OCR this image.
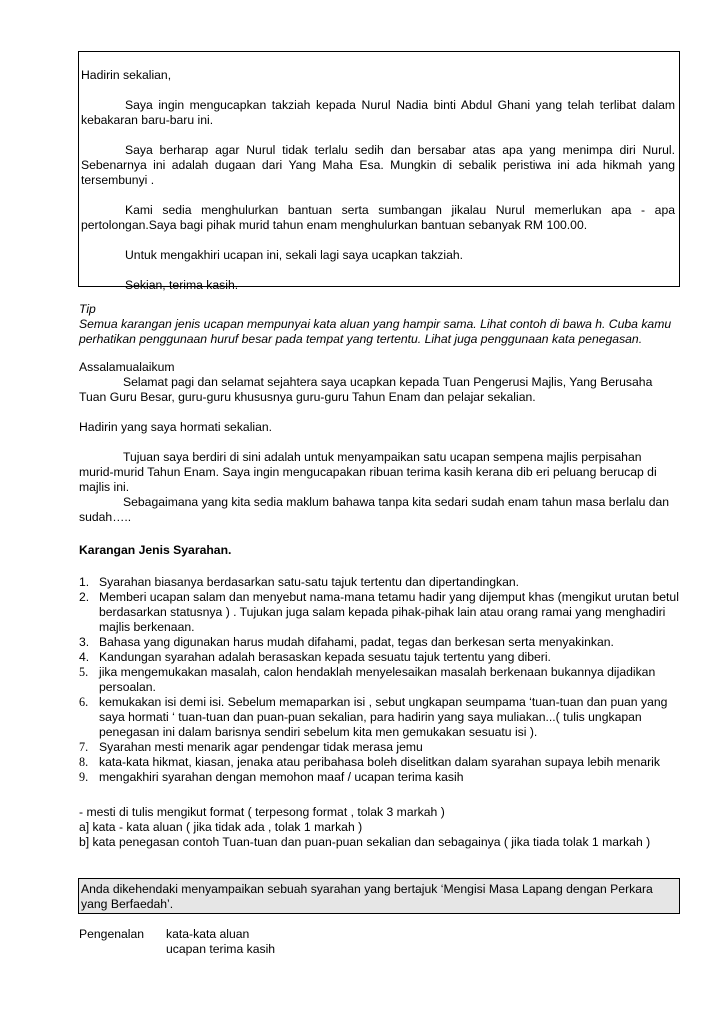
Hadirin sekalian,

Saya ingin mengucapkan takziah kepada Nurul Nadia binti Abdul Ghani yang telah terlibat dalam kebakaran baru-baru ini.

Saya berharap agar Nurul tidak terlalu sedih dan bersabar atas apa yang menimpa diri Nurul. Sebenarnya ini adalah dugaan dari Yang Maha Esa. Mungkin di sebalik peristiwa ini ada hikmah yang tersembunyi .

Kami sedia menghulurkan bantuan serta sumbangan jikalau Nurul memerlukan apa - apa pertolongan.Saya bagi pihak murid tahun enam menghulurkan bantuan sebanyak RM 100.00.

Untuk mengakhiri ucapan ini, sekali lagi saya ucapkan takziah.

Sekian, terima kasih.

Tip

Semua karangan jenis ucapan mempunyai kata aluan yang hampir sama. Lihat contoh di bawa h. Cuba kamu perhatikan penggunaan huruf besar pada tempat yang tertentu. Lihat juga penggunaan kata penegasan.

Assalamualaikum

Selamat pagi dan selamat sejahtera saya ucapkan kepada Tuan Pengerusi Majlis, Yang Berusaha Tuan Guru Besar, guru-guru khususnya guru-guru Tahun Enam dan pelajar sekalian.

Hadirin yang saya hormati sekalian.

Tujuan saya berdiri di sini adalah untuk menyampaikan satu ucapan sempena majlis perpisahan murid-murid Tahun Enam. Saya ingin mengucapakan ribuan terima kasih kerana dib eri peluang berucap di majlis ini.

Sebagaimana yang kita sedia maklum bahawa tanpa kita sedari sudah enam tahun masa berlalu dan sudah…..

Karangan Jenis Syarahan.

1. Syarahan biasanya berdasarkan satu-satu tajuk tertentu dan dipertandingkan.
2. Memberi ucapan salam dan menyebut nama-mana tetamu hadir yang dijemput khas (mengikut urutan betul berdasarkan statusnya ) . Tujukan juga salam kepada pihak-pihak lain atau orang ramai yang menghadiri majlis berkenaan.
3. Bahasa yang digunakan harus mudah difahami, padat, tegas dan berkesan serta menyakinkan.
4. Kandungan syarahan adalah berasaskan kepada sesuatu tajuk tertentu yang diberi.
5. jika mengemukakan masalah, calon hendaklah menyelesaikan masalah berkenaan bukannya dijadikan persoalan.
6. kemukakan isi demi isi. Sebelum memaparkan isi , sebut ungkapan seumpama ‘tuan-tuan dan puan yang saya hormati ‘ tuan-tuan dan puan-puan sekalian, para hadirin yang saya muliakan...( tulis ungkapan penegasan ini dalam barisnya sendiri sebelum kita men gemukakan sesuatu isi ).
7. Syarahan mesti menarik agar pendengar tidak merasa jemu
8. kata-kata hikmat, kiasan, jenaka atau peribahasa boleh diselitkan dalam syarahan supaya lebih menarik
9. mengakhiri syarahan dengan memohon maaf / ucapan terima kasih

- mesti di tulis mengikut format ( terpesong format , tolak 3 markah )

a] kata - kata aluan ( jika tidak ada , tolak 1 markah )

b] kata penegasan contoh Tuan-tuan dan puan-puan sekalian dan sebagainya ( jika tiada tolak 1 markah )

Anda dikehendaki menyampaikan sebuah syarahan yang bertajuk ‘Mengisi Masa Lapang dengan Perkara yang Berfaedah’.
Pengenalan	kata-kata aluan
ucapan terima kasih
